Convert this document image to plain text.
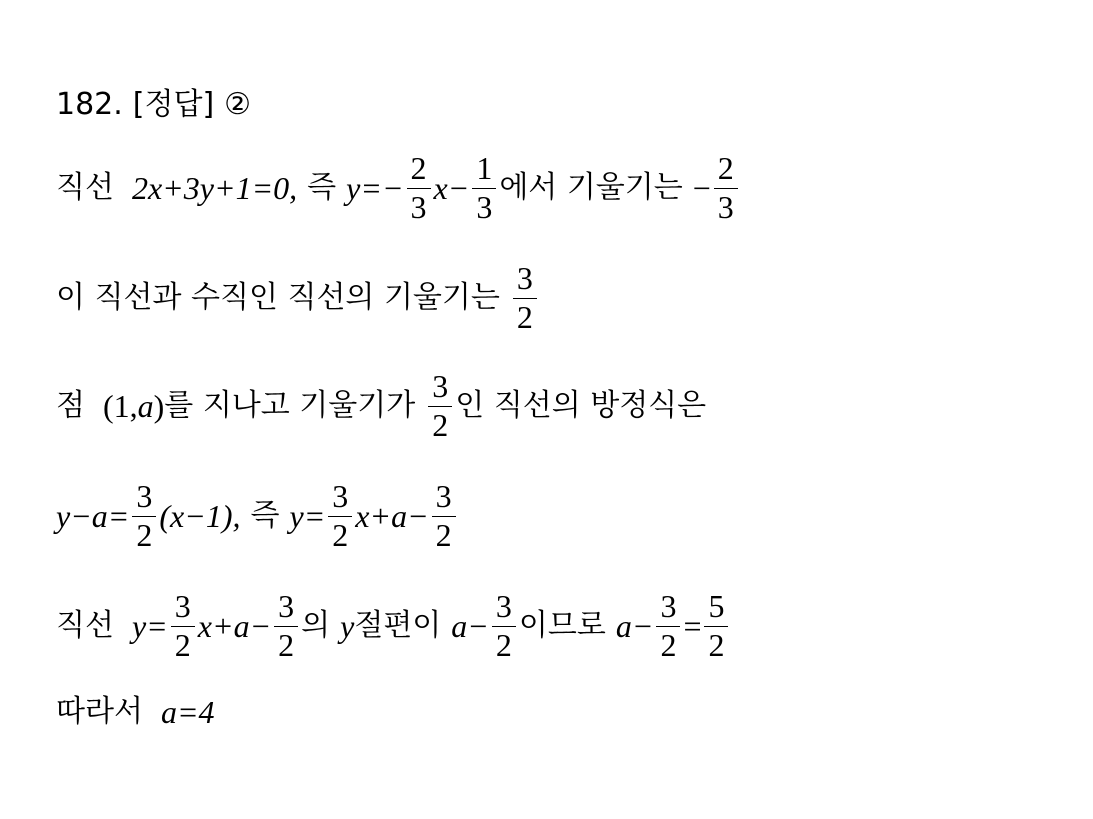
182. [정답] ②
직선 2x+3y+1=0, 즉 $y=- \frac{2}{3} x- \frac{1}{3}$ 에서 기울기는 − $\frac{2}{3}$
이 직선과 수직인 직선의 기울기는 $\frac{3}{2}$
점 (1, a ) 를 지나고 기울기가 $\frac{3}{2}$ 인 직선의 방정식은
$y-a= \frac{3}{2} (x-1)$, 즉 $y= \frac{3}{2} x+a- \frac{3}{2}$
직선 $y= \frac{3}{2} x+a- \frac{3}{2}$ 의 y 절편이 $a- \frac{3}{2}$ 이므로 $a- \frac{3}{2} = \frac{5}{2}$
따라서 a=4
